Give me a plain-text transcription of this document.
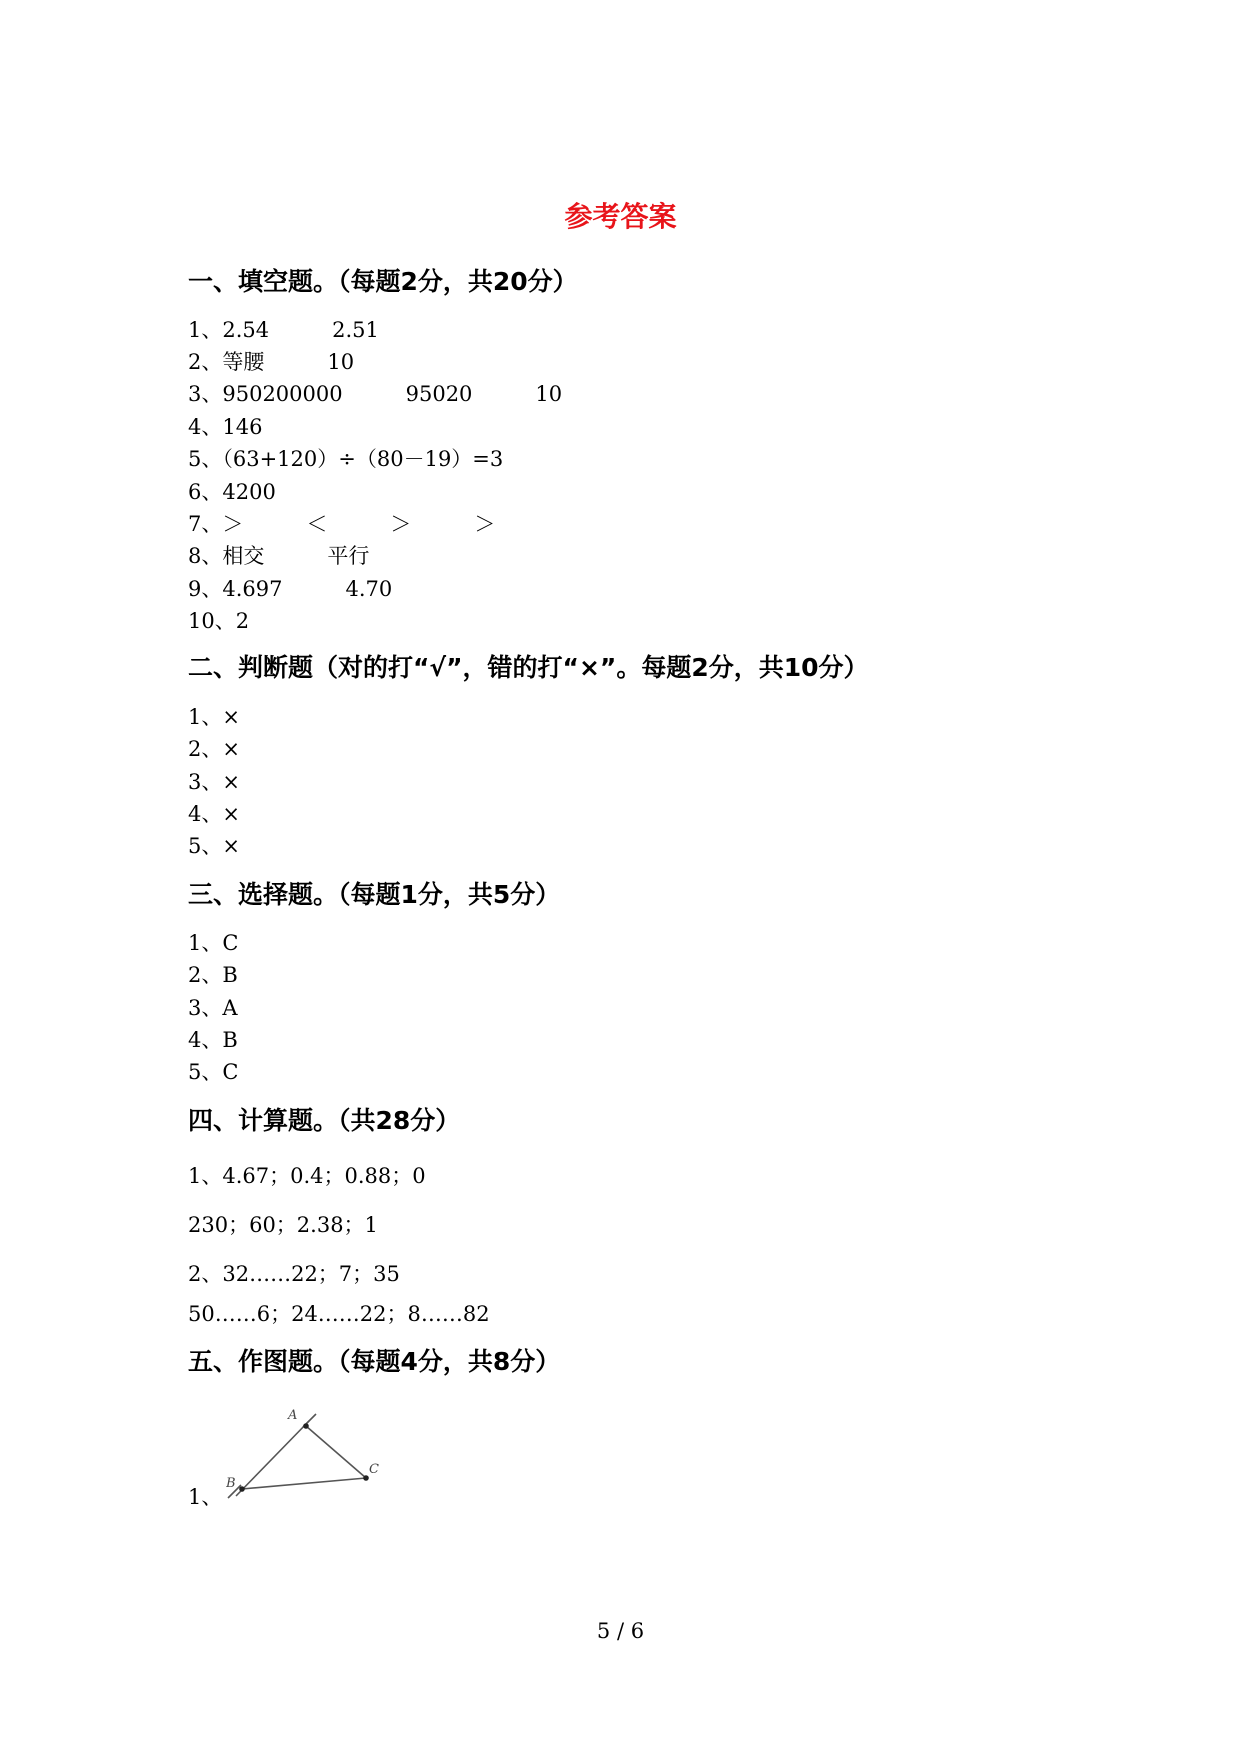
参考答案
一、填空题。（每题2分，共20分）
1、2.54　　　2.51
2、等腰　　　10
3、950200000　　　95020　　　10
4、146
5、（63+120）÷（80－19）=3
6、4200
7、＞　　　＜　　　＞　　　＞
8、相交　　　平行
9、4.697　　　4.70
10、2
二、判断题（对的打“√”，错的打“×”。每题2分，共10分）
1、×
2、×
3、×
4、×
5、×
三、选择题。（每题1分，共5分）
1、C
2、B
3、A
4、B
5、C
四、计算题。（共28分）
1、4.67；0.4；0.88；0
230；60；2.38；1
2、32……22；7；35
50……6；24……22；8……82
五、作图题。（每题4分，共8分）
1、
A
B
C
5 / 6
